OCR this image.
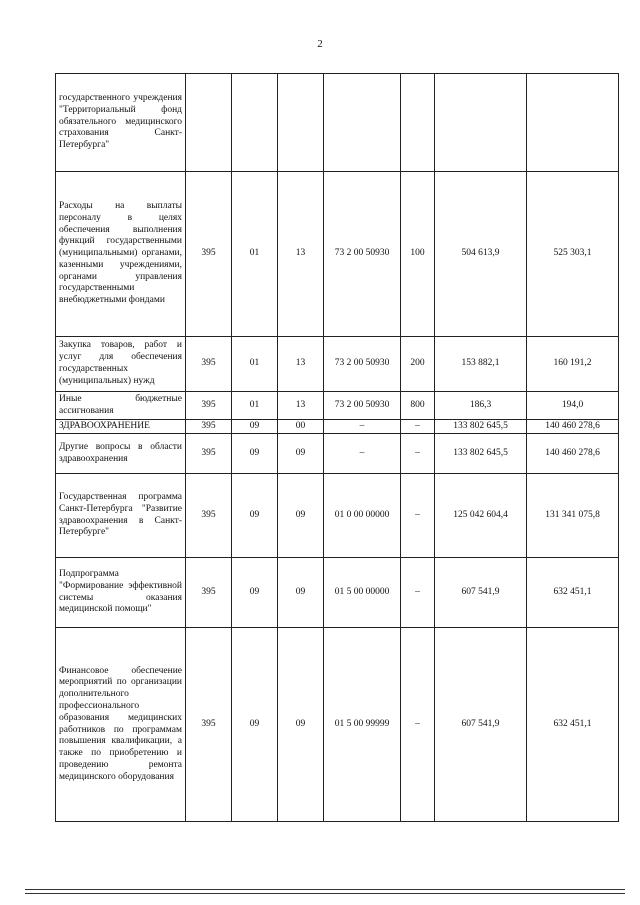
2
государственного учреждения "Территориальный фонд обязательного медицинского страхования Санкт-Петербурга"							
Расходы на выплаты персоналу в целях обеспечения выполнения функций государственными (муниципальными) органами, казенными учреждениями, органами управления государственными внебюджетными фондами	395	01	13	73 2 00 50930	100	504 613,9	525 303,1
Закупка товаров, работ и услуг для обеспечения государственных (муниципальных) нужд	395	01	13	73 2 00 50930	200	153 882,1	160 191,2
Иные бюджетные ассигнования	395	01	13	73 2 00 50930	800	186,3	194,0
ЗДРАВООХРАНЕНИЕ	395	09	00	–	–	133 802 645,5	140 460 278,6
Другие вопросы в области здравоохранения	395	09	09	–	–	133 802 645,5	140 460 278,6
Государственная программа Санкт-Петербурга "Развитие здравоохранения в Санкт-Петербурге"	395	09	09	01 0 00 00000	–	125 042 604,4	131 341 075,8
Подпрограмма "Формирование эффективной системы оказания медицинской помощи"	395	09	09	01 5 00 00000	–	607 541,9	632 451,1
Финансовое обеспечение мероприятий по организации дополнительного профессионального образования медицинских работников по программам повышения квалификации, а также по приобретению и проведению ремонта медицинского оборудования	395	09	09	01 5 00 99999	–	607 541,9	632 451,1
